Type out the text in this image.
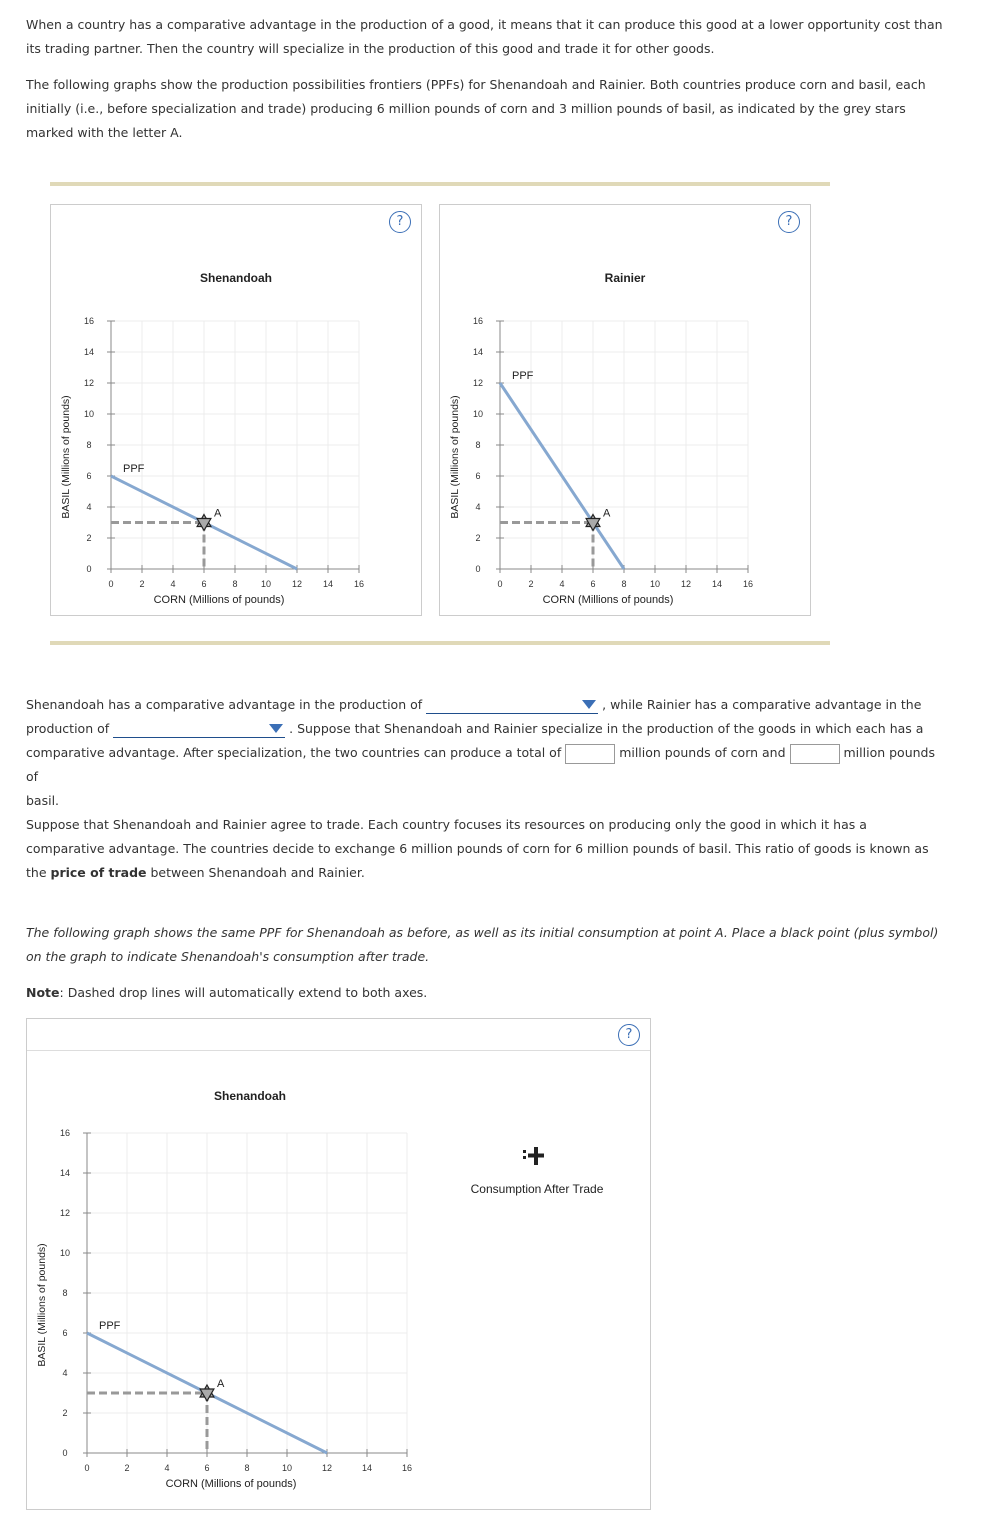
When a country has a comparative advantage in the production of a good, it means that it can produce this good at a lower opportunity cost than its trading partner. Then the country will specialize in the production of this good and trade it for other goods.

The following graphs show the production possibilities frontiers (PPFs) for Shenandoah and Rainier. Both countries produce corn and basil, each initially (i.e., before specialization and trade) producing 6 million pounds of corn and 3 million pounds of basil, as indicated by the grey stars marked with the letter A.

?
0	2	4	6	8	10 12 14 16
0
2
4
6
8
10
12
14
16
Shenandoah
CORN (Millions of pounds)
BASIL (Millions of pounds)	PPF
A
?
0	2	4	6	8	10 12 14 16
0
2
4
6
8
10
12
14
16
Rainier
CORN (Millions of pounds)
BASIL (Millions of pounds)
PPF
A
Shenandoah has a comparative advantage in the production of	, while Rainier has a comparative advantage in the
production of	. Suppose that Shenandoah and Rainier specialize in the production of the goods in which each has a
comparative advantage. After specialization, the two countries can produce a total of	million pounds of corn and	million pounds of
basil.
Suppose that Shenandoah and Rainier agree to trade. Each country focuses its resources on producing only the good in which it has a comparative advantage. The countries decide to exchange 6 million pounds of corn for 6 million pounds of basil. This ratio of goods is known as the price of trade between Shenandoah and Rainier.
The following graph shows the same PPF for Shenandoah as before, as well as its initial consumption at point A. Place a black point (plus symbol) on the graph to indicate Shenandoah's consumption after trade.
Note: Dashed drop lines will automatically extend to both axes.
?
0	2	4	6	8	10	12	14	16
0
2
4
6
8
10
12
14
16
Shenandoah
CORN (Millions of pounds)
BASIL (Millions of pounds)	PPF
A
Consumption After Trade
